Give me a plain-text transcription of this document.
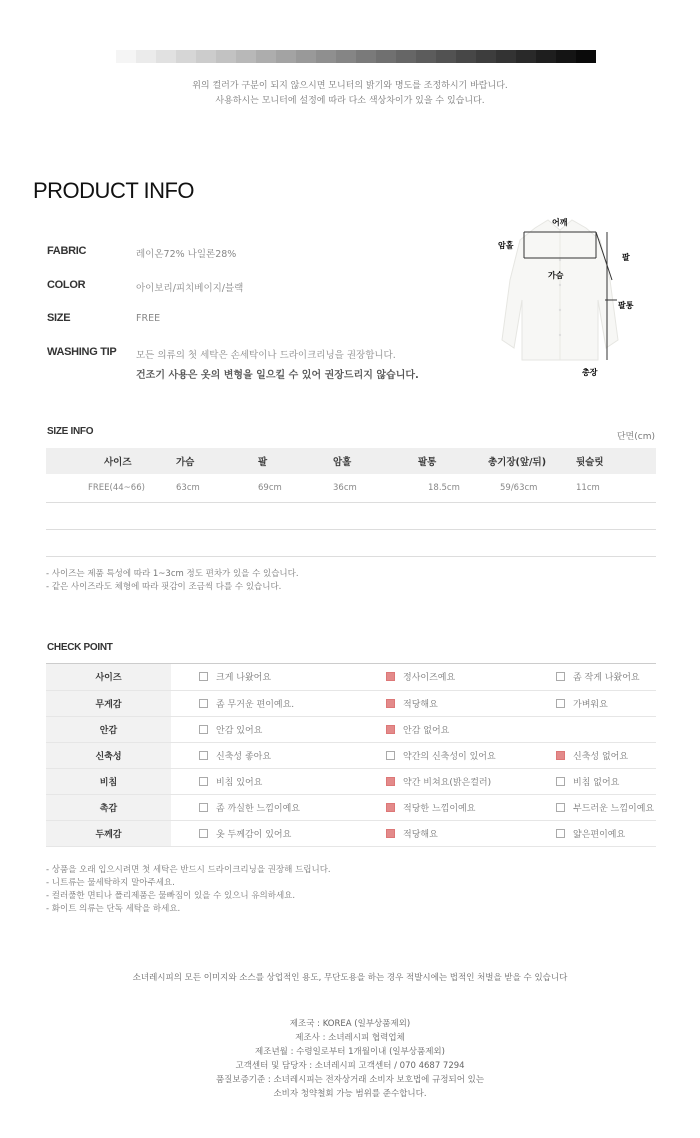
위의 컬러가 구분이 되지 않으시면 모니터의 밝기와 명도를 조정하시기 바랍니다.
사용하시는 모니터에 설정에 따라 다소 색상차이가 있을 수 있습니다.
PRODUCT INFO
FABRIC	레이온72% 나일론28%
COLOR	아이보리/피치베이지/블랙
SIZE	FREE
WASHING TIP 모든 의류의 첫 세탁은 손세탁이나 드라이크리닝을 권장합니다.
건조기 사용은 옷의 변형을 일으킬 수 있어 권장드리지 않습니다.
어깨
암홀
가슴
팔
팔통
총장
SIZE INFO	단면(cm)
사이즈	가슴	팔	암홀	팔통	총기장(앞/뒤)	뒷슬릿
FREE(44~66)	63cm	69cm	36cm	18.5cm	59/63cm	11cm
- 사이즈는 제품 특성에 따라 1~3cm 정도 편차가 있을 수 있습니다.
- 같은 사이즈라도 체형에 따라 핏감이 조금씩 다를 수 있습니다.
CHECK POINT
사이즈	크게 나왔어요	정사이즈예요	좀 작게 나왔어요
무게감	좀 무거운 편이예요.	적당해요	가벼워요
안감	안감 있어요	안감 없어요	
신축성	신축성 좋아요	약간의 신축성이 있어요	신축성 없어요
비침	비침 있어요	약간 비쳐요(밝은컬러)	비침 없어요
촉감	좀 까실한 느낌이예요	적당한 느낌이예요	부드러운 느낌이예요
두께감	옷 두께감이 있어요	적당해요	얇은편이예요
- 상품을 오래 입으시려면 첫 세탁은 반드시 드라이크리닝을 권장해 드립니다.
- 니트류는 물세탁하지 말아주세요.
- 컬러풀한 면티나 폴리제품은 물빠짐이 있을 수 있으니 유의하세요.
- 화이트 의류는 단독 세탁을 하세요.
소녀레시피의 모든 이미지와 소스를 상업적인 용도, 무단도용을 하는 경우 적발시에는 법적인 처벌을 받을 수 있습니다
제조국 : KOREA (일부상품제외)
제조사 : 소녀레시피 협력업체
제조년월 : 수령일로부터 1개월이내 (일부상품제외)
고객센터 및 담당자 : 소녀레시피 고객센터 / 070 4687 7294
품질보증기준 : 소녀레시피는 전자상거래 소비자 보호법에 규정되어 있는
소비자 청약철회 가능 범위를 준수합니다.
